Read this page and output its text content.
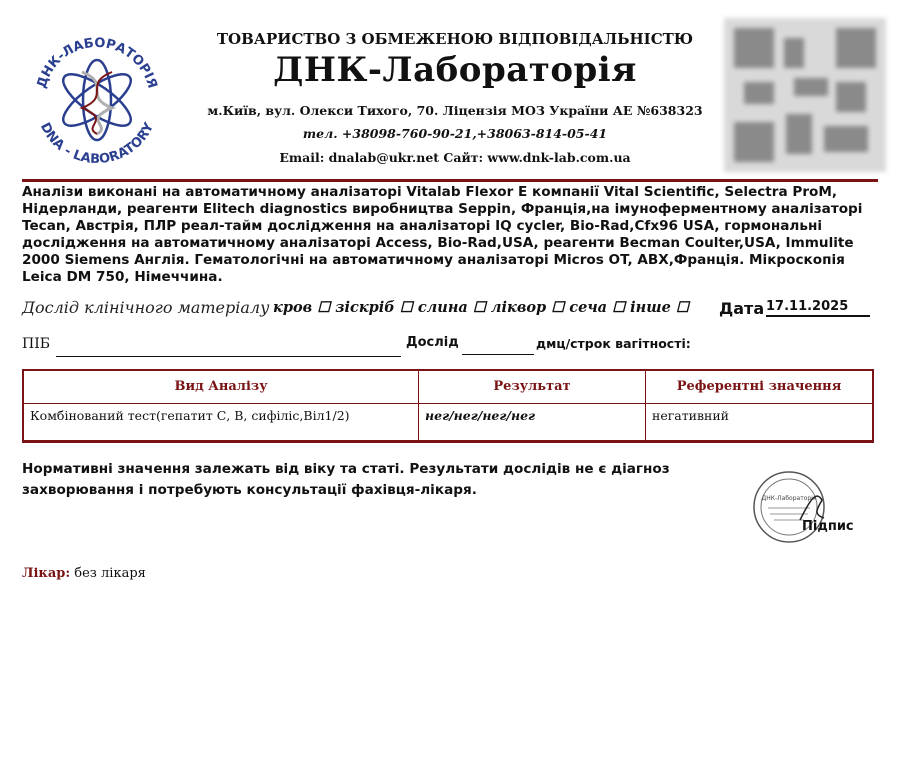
ДНК-ЛАБОРАТОРІЯ
DNA - LABORATORY
ТОВАРИСТВО З ОБМЕЖЕНОЮ ВІДПОВІДАЛЬНІСТЮ
ДНК-Лабораторія
м.Київ, вул. Олекси Тихого, 70. Ліцензія МОЗ України АЕ №638323
тел. +38098-760-90-21,+38063-814-05-41
Email: dnalab@ukr.net Сайт: www.dnk-lab.com.ua
Аналізи виконані на автоматичному аналізаторі Vitalab Flexor E компанії Vital Scientific, Selectra ProM, Нідерланди, реагенти Elitech diagnostics виробництва Seppin, Франція,на імуноферментному аналізаторі Tecan, Австрія, ПЛР реал-тайм дослідження на аналізаторі IQ cycler, Bio-Rad,Cfx96 USA, гормональні дослідження на автоматичному аналізаторі Access, Bio-Rad,USA, реагенти Becman Coulter,USA, Immulite 2000 Siemens Англія. Гематологічні на автоматичному аналізаторі Micros OT, ABX,Франція. Мікроскопія Leica DM 750, Німеччина.
Дослід клінічного матеріалу кров ☐ зіскріб ☐ слина ☐ ліквор ☐ сеча ☐ інше ☐ Дата 17.11.2025
ПІБ	Дослід	дмц/строк вагітності:
Вид Аналізу	Результат	Референтні значення
Комбінований тест(гепатит С, В, сифіліс,Віл1/2)	нег/нег/нег/нег	негативний
Нормативні значення залежать від віку та статі. Результати дослідів не є діагноз захворювання і потребують консультації фахівця-лікаря.
ДНК-Лабораторія
Підпис
Лікар: без лікаря
